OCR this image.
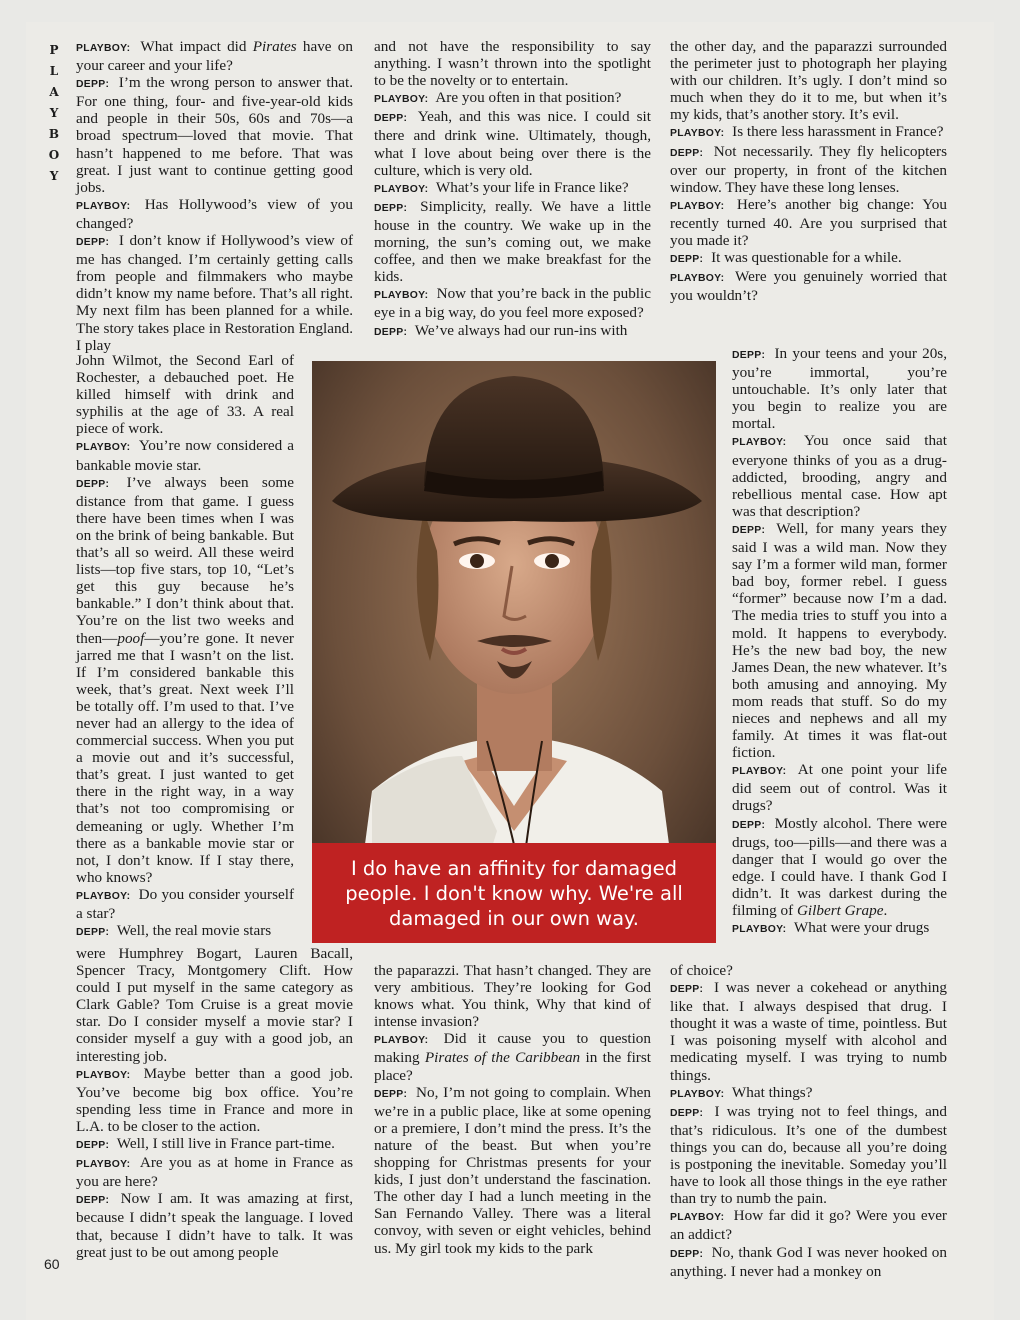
P
L
A
Y
B
O
Y

PLAYBOY: What impact did Pirates have on your career and your life?

DEPP: I’m the wrong person to answer that. For one thing, four- and five-year-old kids and people in their 50s, 60s and 70s—a broad spectrum—loved that movie. That hasn’t happened to me before. That was great. I just want to continue getting good jobs.

PLAYBOY: Has Hollywood’s view of you changed?

DEPP: I don’t know if Hollywood’s view of me has changed. I’m certainly getting calls from people and filmmakers who maybe didn’t know my name before. That’s all right. My next film has been planned for a while. The story takes place in Restoration England. I play

John Wilmot, the Second Earl of Rochester, a debauched poet. He killed himself with drink and syphilis at the age of 33. A real piece of work.

PLAYBOY: You’re now considered a bankable movie star.

DEPP: I’ve always been some distance from that game. I guess there have been times when I was on the brink of being bankable. But that’s all so weird. All these weird lists—top five stars, top 10, “Let’s get this guy because he’s bankable.” I don’t think about that. You’re on the list two weeks and then—poof—you’re gone. It never jarred me that I wasn’t on the list. If I’m considered bankable this week, that’s great. Next week I’ll be totally off. I’m used to that. I’ve never had an allergy to the idea of commercial success. When you put a movie out and it’s successful, that’s great. I just wanted to get there in the right way, in a way that’s not too compromising or demeaning or ugly. Whether I’m there as a bankable movie star or not, I don’t know. If I stay there, who knows?

PLAYBOY: Do you consider yourself a star?

DEPP: Well, the real movie stars

were Humphrey Bogart, Lauren Bacall, Spencer Tracy, Montgomery Clift. How could I put myself in the same category as Clark Gable? Tom Cruise is a great movie star. Do I consider myself a movie star? I consider myself a guy with a good job, an interesting job.

PLAYBOY: Maybe better than a good job. You’ve become big box office. You’re spending less time in France and more in L.A. to be closer to the action.

DEPP: Well, I still live in France part-time.

PLAYBOY: Are you as at home in France as you are here?

DEPP: Now I am. It was amazing at first, because I didn’t speak the language. I loved that, because I didn’t have to talk. It was great just to be out among people

and not have the responsibility to say anything. I wasn’t thrown into the spotlight to be the novelty or to entertain.

PLAYBOY: Are you often in that position?

DEPP: Yeah, and this was nice. I could sit there and drink wine. Ultimately, though, what I love about being over there is the culture, which is very old.

PLAYBOY: What’s your life in France like?

DEPP: Simplicity, really. We have a little house in the country. We wake up in the morning, the sun’s coming out, we make coffee, and then we make breakfast for the kids.

PLAYBOY: Now that you’re back in the public eye in a big way, do you feel more exposed?

DEPP: We’ve always had our run-ins with

the paparazzi. That hasn’t changed. They are very ambitious. They’re looking for God knows what. You think, Why that kind of intense invasion?

PLAYBOY: Did it cause you to question making Pirates of the Caribbean in the first place?

DEPP: No, I’m not going to complain. When we’re in a public place, like at some opening or a premiere, I don’t mind the press. It’s the nature of the beast. But when you’re shopping for Christmas presents for your kids, I just don’t understand the fascination. The other day I had a lunch meeting in the San Fernando Valley. There was a literal convoy, with seven or eight vehicles, behind us. My girl took my kids to the park

the other day, and the paparazzi surrounded the perimeter just to photograph her playing with our children. It’s ugly. I don’t mind so much when they do it to me, but when it’s my kids, that’s another story. It’s evil.

PLAYBOY: Is there less harassment in France?

DEPP: Not necessarily. They fly helicopters over our property, in front of the kitchen window. They have these long lenses.

PLAYBOY: Here’s another big change: You recently turned 40. Are you surprised that you made it?

DEPP: It was questionable for a while.

PLAYBOY: Were you genuinely worried that you wouldn’t?

DEPP: In your teens and your 20s, you’re immortal, you’re untouchable. It’s only later that you begin to realize you are mortal.

PLAYBOY: You once said that everyone thinks of you as a drug-addicted, brooding, angry and rebellious mental case. How apt was that description?

DEPP: Well, for many years they said I was a wild man. Now they say I’m a former wild man, former bad boy, former rebel. I guess “former” because now I’m a dad. The media tries to stuff you into a mold. It happens to everybody. He’s the new bad boy, the new James Dean, the new whatever. It’s both amusing and annoying. My mom reads that stuff. So do my nieces and nephews and all my family. At times it was flat-out fiction.

PLAYBOY: At one point your life did seem out of control. Was it drugs?

DEPP: Mostly alcohol. There were drugs, too—pills—and there was a danger that I would go over the edge. I could have. I thank God I didn’t. It was darkest during the filming of Gilbert Grape.

PLAYBOY: What were your drugs

of choice?

DEPP: I was never a cokehead or anything like that. I always despised that drug. I thought it was a waste of time, pointless. But I was poisoning myself with alcohol and medicating myself. I was trying to numb things.

PLAYBOY: What things?

DEPP: I was trying not to feel things, and that’s ridiculous. It’s one of the dumbest things you can do, because all you’re doing is postponing the inevitable. Someday you’ll have to look all those things in the eye rather than try to numb the pain.

PLAYBOY: How far did it go? Were you ever an addict?

DEPP: No, thank God I was never hooked on anything. I never had a monkey on

I do have an affinity for damaged people. I don't know why. We're all damaged in our own way.
60
